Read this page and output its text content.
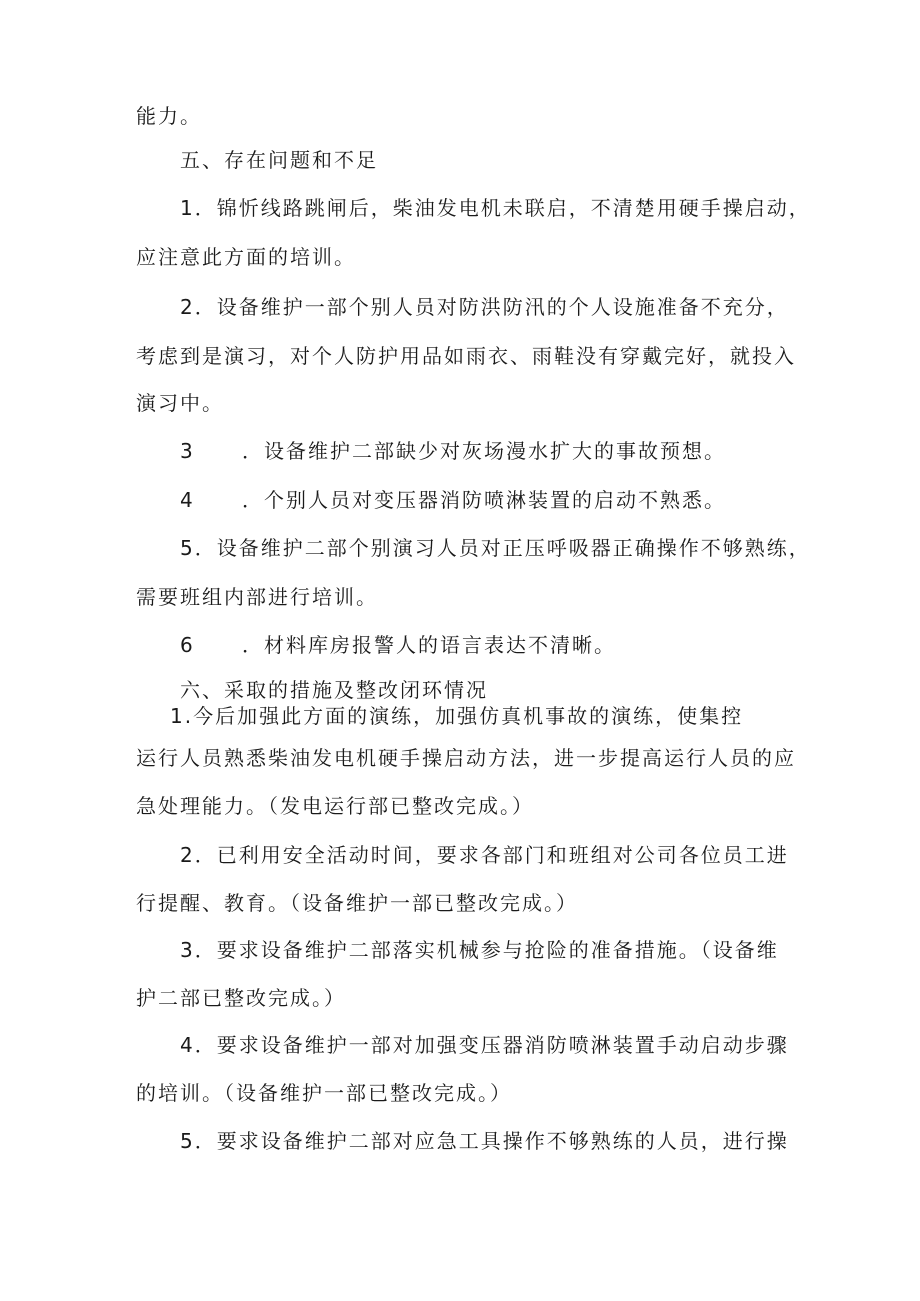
能力。
五、存在问题和不足
1．锦忻线路跳闸后，柴油发电机未联启，不清楚用硬手操启动，
应注意此方面的培训。
2．设备维护一部个别人员对防洪防汛的个人设施准备不充分，
考虑到是演习，对个人防护用品如雨衣、雨鞋没有穿戴完好，就投入
演习中。
3 ．设备维护二部缺少对灰场漫水扩大的事故预想。
4 ．个别人员对变压器消防喷淋装置的启动不熟悉。
5．设备维护二部个别演习人员对正压呼吸器正确操作不够熟练，
需要班组内部进行培训。
6 ．材料库房报警人的语言表达不清晰。
六、采取的措施及整改闭环情况
1.今后加强此方面的演练，加强仿真机事故的演练，使集控
运行人员熟悉柴油发电机硬手操启动方法，进一步提高运行人员的应
急处理能力。（发电运行部已整改完成。）
2．已利用安全活动时间，要求各部门和班组对公司各位员工进
行提醒、教育。（设备维护一部已整改完成。）
3．要求设备维护二部落实机械参与抢险的准备措施。（设备维
护二部已整改完成。）
4．要求设备维护一部对加强变压器消防喷淋装置手动启动步骤
的培训。（设备维护一部已整改完成。）
5．要求设备维护二部对应急工具操作不够熟练的人员，进行操
